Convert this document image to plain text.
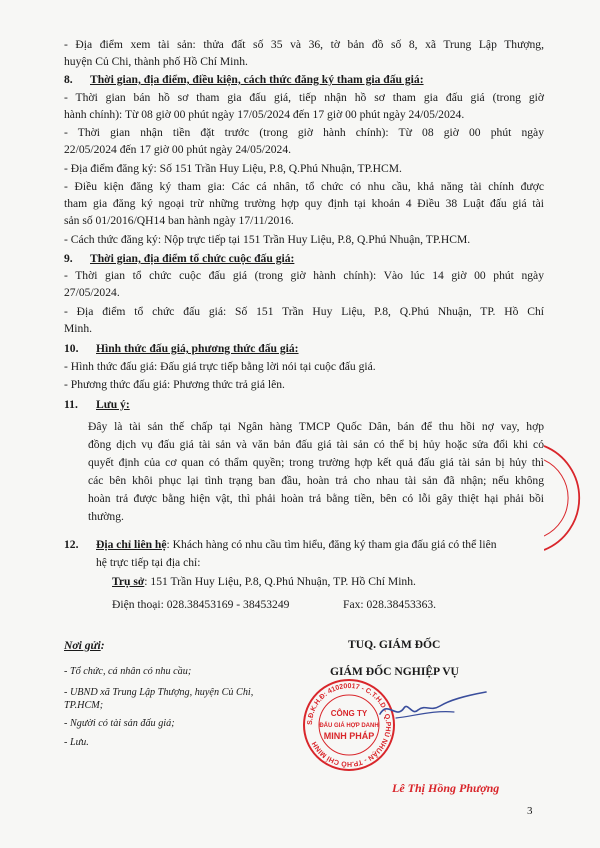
- Địa điểm xem tài sản: thửa đất số 35 và 36, tờ bản đồ số 8, xã Trung Lập Thượng,
huyện Củ Chi, thành phố Hồ Chí Minh.
8. Thời gian, địa điểm, điều kiện, cách thức đăng ký tham gia đấu giá:
- Thời gian bán hồ sơ tham gia đấu giá, tiếp nhận hồ sơ tham gia đấu giá (trong giờ
hành chính): Từ 08 giờ 00 phút ngày 17/05/2024 đến 17 giờ 00 phút ngày 24/05/2024.
- Thời gian nhận tiền đặt trước (trong giờ hành chính): Từ 08 giờ 00 phút ngày
22/05/2024 đến 17 giờ 00 phút ngày 24/05/2024.
- Địa điểm đăng ký: Số 151 Trần Huy Liệu, P.8, Q.Phú Nhuận, TP.HCM.
- Điều kiện đăng ký tham gia: Các cá nhân, tổ chức có nhu cầu, khả năng tài chính được
tham gia đăng ký ngoại trừ những trường hợp quy định tại khoản 4 Điều 38 Luật đấu giá tài
sản số 01/2016/QH14 ban hành ngày 17/11/2016.
- Cách thức đăng ký: Nộp trực tiếp tại 151 Trần Huy Liệu, P.8, Q.Phú Nhuận, TP.HCM.
9. Thời gian, địa điểm tổ chức cuộc đấu giá:
- Thời gian tổ chức cuộc đấu giá (trong giờ hành chính): Vào lúc 14 giờ 00 phút ngày
27/05/2024.
- Địa điểm tổ chức đấu giá: Số 151 Trần Huy Liệu, P.8, Q.Phú Nhuận, TP. Hồ Chí
Minh.
10. Hình thức đấu giá, phương thức đấu giá:
- Hình thức đấu giá: Đấu giá trực tiếp bằng lời nói tại cuộc đấu giá.
- Phương thức đấu giá: Phương thức trả giá lên.
11. Lưu ý:
Đây là tài sản thế chấp tại Ngân hàng TMCP Quốc Dân, bán để thu hồi nợ vay, hợp
đồng dịch vụ đấu giá tài sản và văn bản đấu giá tài sản có thể bị hủy hoặc sửa đổi khi có
quyết định của cơ quan có thẩm quyền; trong trường hợp kết quả đấu giá tài sản bị hủy thì
các bên khôi phục lại tình trạng ban đầu, hoàn trả cho nhau tài sản đã nhận; nếu không
hoàn trả được bằng hiện vật, thì phải hoàn trả bằng tiền, bên có lỗi gây thiệt hại phải bồi
thường.
12. Địa chỉ liên hệ: Khách hàng có nhu cầu tìm hiểu, đăng ký tham gia đấu giá có thể liên
hệ trực tiếp tại địa chỉ:
Trụ sở: 151 Trần Huy Liệu, P.8, Q.Phú Nhuận, TP. Hồ Chí Minh.
Điện thoại: 028.38453169 - 38453249	Fax: 028.38453363.
Nơi gửi:
- Tổ chức, cá nhân có nhu cầu;
- UBND xã Trung Lập Thượng, huyện Củ Chi,
TP.HCM;
- Người có tài sản đấu giá;
- Lưu.
TUQ. GIÁM ĐỐC
GIÁM ĐỐC NGHIỆP VỤ
S.Đ.K.H.Đ: 41020017 - C.T.H.D - Q.PHÚ NHUẬN - TP.HỒ CHÍ MINH
CÔNG TY
ĐẤU GIÁ HỢP DANH
MINH PHÁP
Lê Thị Hồng Phượng
3
